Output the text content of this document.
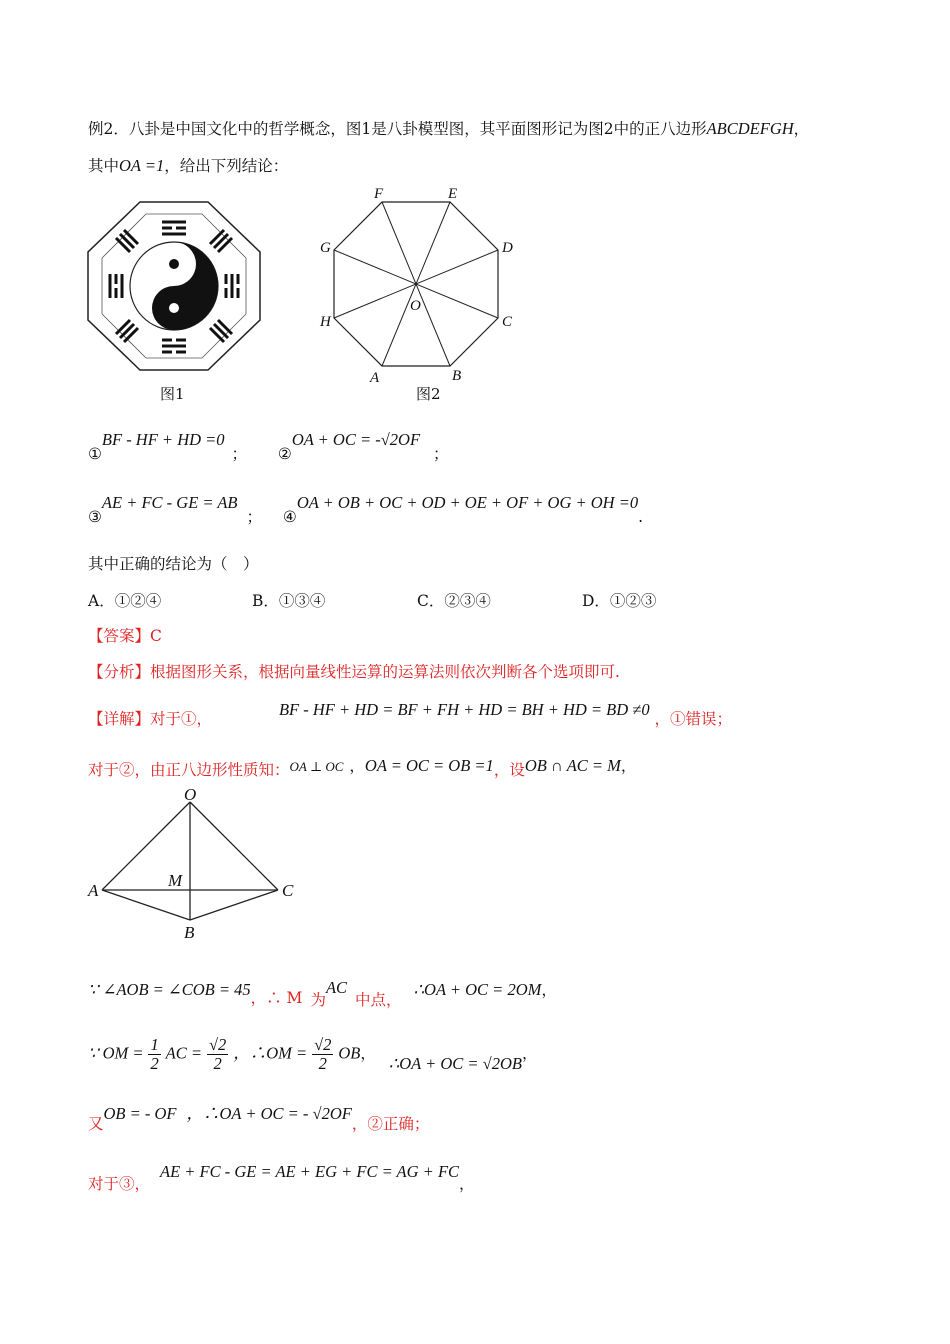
例2．八卦是中国文化中的哲学概念，图1是八卦模型图，其平面图形记为图2中的正八边形ABCDEFGH，
其中OA =1，给出下列结论：
图1
A	B
C
D
E
F
G
H
O
图2
①BF - HF + HD =0 ； ②OA + OC = -√2OF ；
③AE + FC - GE = AB ； ④OA + OB + OC + OD + OE + OF + OG + OH =0.
其中正确的结论为（　）
A．①②④	B．①③④	C．②③④	D．①②③
【答案】C
【分析】根据图形关系，根据向量线性运算的运算法则依次判断各个选项即可.
【详解】对于①，	BF - HF + HD = BF + FH + HD = BH + HD = BD ≠0 ，①错误；
对于②，由正八边形性质知：OA ⊥ OC ，OA = OC = OB =1，设OB ∩ AC = M，
O
A	C
B
M
∵ ∠AOB = ∠COB = 45，∴ M 为AC中点，∴OA + OC = 2OM，
∵ OM = $\frac{1}{2}$ AC = $\frac{√2}{2}$ ，∴OM = $\frac{√2}{2}$ OB， ∴OA + OC = √2OB，
又OB = - OF ，∴OA + OC = - √2OF，②正确；
对于③，AE + FC - GE = AE + EG + FC = AG + FC，
